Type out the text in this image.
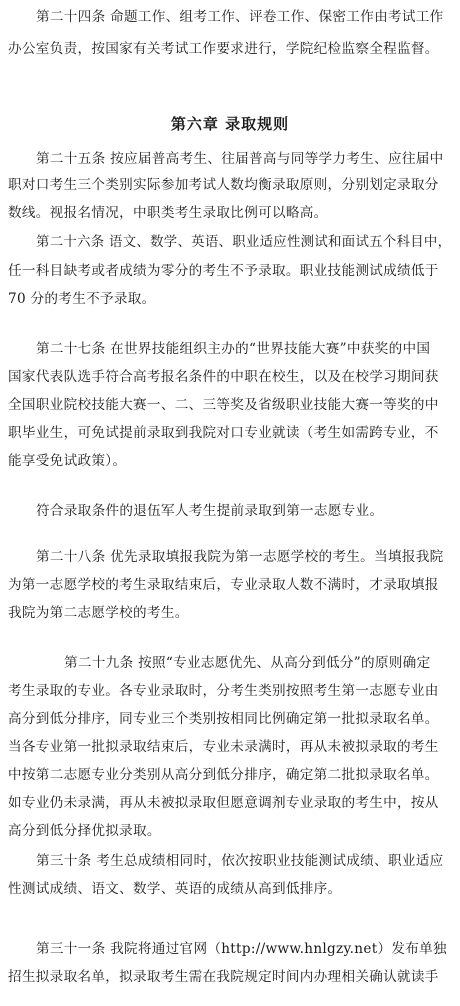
第二十四条 命题工作、组考工作、评卷工作、保密工作由考试工作
办公室负责，按国家有关考试工作要求进行，学院纪检监察全程监督。
第六章 录取规则
第二十五条 按应届普高考生、往届普高与同等学力考生、应往届中
职对口考生三个类别实际参加考试人数均衡录取原则，分别划定录取分
数线。视报名情况，中职类考生录取比例可以略高。
第二十六条 语文、数学、英语、职业适应性测试和面试五个科目中，
任一科目缺考或者成绩为零分的考生不予录取。职业技能测试成绩低于
70 分的考生不予录取。
第二十七条 在世界技能组织主办的“世界技能大赛”中获奖的中国
国家代表队选手符合高考报名条件的中职在校生，以及在校学习期间获
全国职业院校技能大赛一、二、三等奖及省级职业技能大赛一等奖的中
职毕业生，可免试提前录取到我院对口专业就读（考生如需跨专业，不
能享受免试政策）。
符合录取条件的退伍军人考生提前录取到第一志愿专业。
第二十八条 优先录取填报我院为第一志愿学校的考生。当填报我院
为第一志愿学校的考生录取结束后，专业录取人数不满时，才录取填报
我院为第二志愿学校的考生。
第二十九条 按照“专业志愿优先、从高分到低分”的原则确定
考生录取的专业。各专业录取时，分考生类别按照考生第一志愿专业由
高分到低分排序，同专业三个类别按相同比例确定第一批拟录取名单。
当各专业第一批拟录取结束后，专业未录满时，再从未被拟录取的考生
中按第二志愿专业分类别从高分到低分排序，确定第二批拟录取名单。
如专业仍未录满，再从未被拟录取但愿意调剂专业录取的考生中，按从
高分到低分择优拟录取。
第三十条 考生总成绩相同时，依次按职业技能测试成绩、职业适应
性测试成绩、语文、数学、英语的成绩从高到低排序。
第三十一条 我院将通过官网（http://www.hnlgzy.net）发布单独
招生拟录取名单，拟录取考生需在我院规定时间内办理相关确认就读手
